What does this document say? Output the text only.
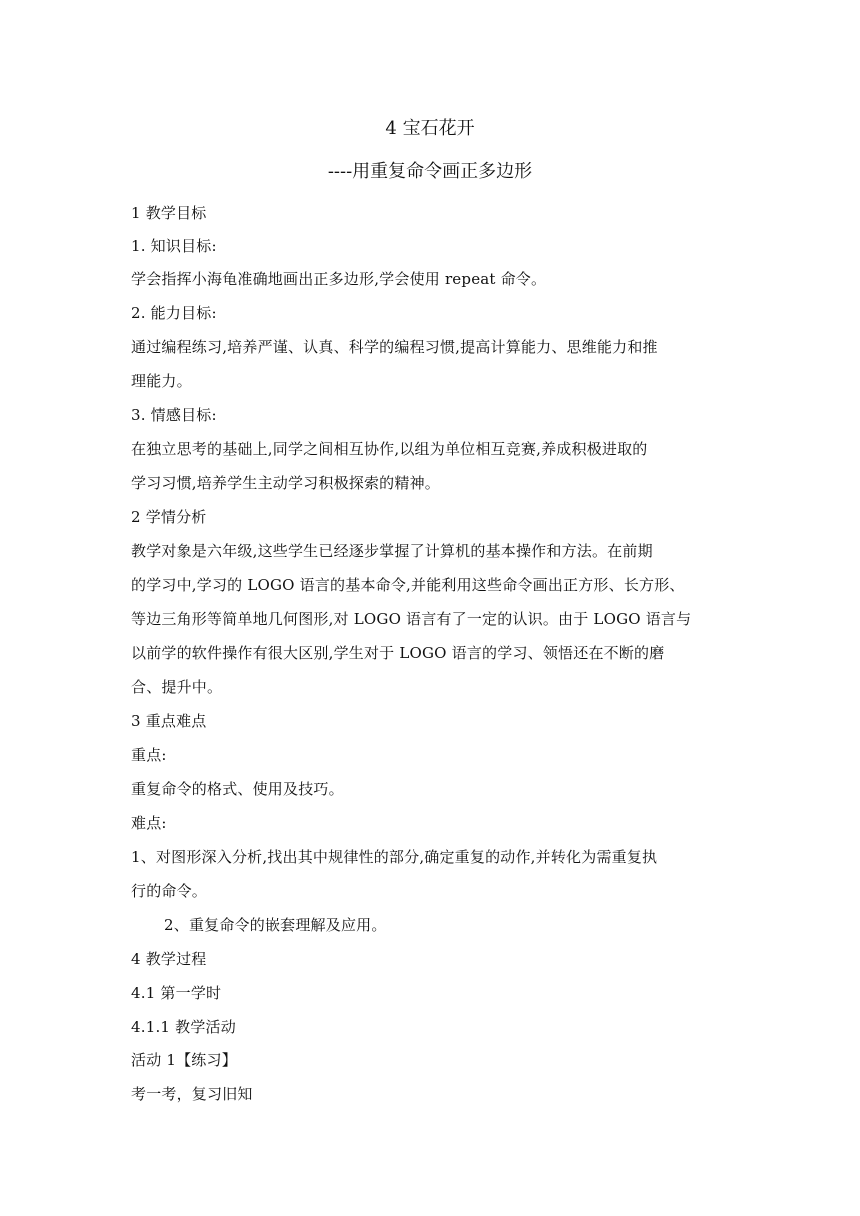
4 宝石花开
----用重复命令画正多边形
1 教学目标
1. 知识目标:
学会指挥小海龟准确地画出正多边形,学会使用 repeat 命令。
2. 能力目标:
通过编程练习,培养严谨、认真、科学的编程习惯,提高计算能力、思维能力和推
理能力。
3. 情感目标:
在独立思考的基础上,同学之间相互协作,以组为单位相互竞赛,养成积极进取的
学习习惯,培养学生主动学习积极探索的精神。
2 学情分析
教学对象是六年级,这些学生已经逐步掌握了计算机的基本操作和方法。在前期
的学习中,学习的 LOGO 语言的基本命令,并能利用这些命令画出正方形、长方形、
等边三角形等简单地几何图形,对 LOGO 语言有了一定的认识。由于 LOGO 语言与
以前学的软件操作有很大区别,学生对于 LOGO 语言的学习、领悟还在不断的磨
合、提升中。
3 重点难点
重点:
重复命令的格式、使用及技巧。
难点:
1、对图形深入分析,找出其中规律性的部分,确定重复的动作,并转化为需重复执
行的命令。
2、重复命令的嵌套理解及应用。
4 教学过程
4.1 第一学时
4.1.1 教学活动
活动 1【练习】
考一考，复习旧知
